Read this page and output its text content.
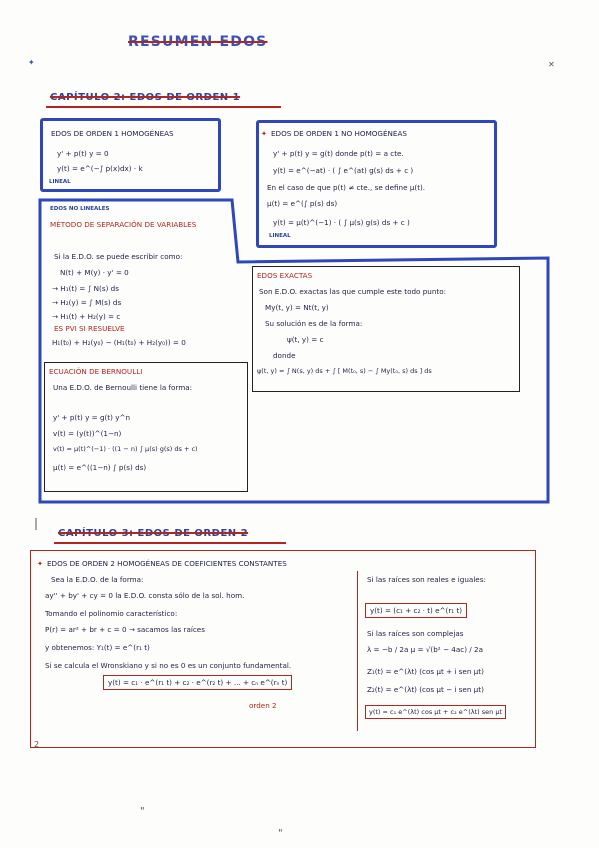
RESUMEN EDOS
✕
✦
CAPÍTULO 2: EDOS DE ORDEN 1
EDOS DE ORDEN 1 HOMOGÉNEAS
y' + p(t) y = 0
y(t) = e^(−∫ p(x)dx) · k
LINEAL
✦ EDOS DE ORDEN 1 NO HOMOGÉNEAS
y' + p(t) y = g(t) donde p(t) = a cte.
y(t) = e^(−at) · ( ∫ e^(at) g(s) ds + c )
En el caso de que p(t) ≠ cte., se define μ(t).
μ(t) = e^(∫ p(s) ds)
y(t) = μ(t)^(−1) · ( ∫ μ(s) g(s) ds + c )
LINEAL
EDOS NO LINEALES
MÉTODO DE SEPARACIÓN DE VARIABLES
Si la E.D.O. se puede escribir como:
N(t) + M(y) · y' = 0
→ H₁(t) = ∫ N(s) ds
→ H₂(y) = ∫ M(s) ds
→ H₁(t) + H₂(y) = c
ES PVI SI RESUELVE
H₁(t₀) + H₂(y₀) − (H₁(t₀) + H₂(y₀)) = 0
EDOS EXACTAS
Son E.D.O. exactas las que cumple este todo punto:
My(t, y) = Nt(t, y)
Su solución es de la forma:
ψ(t, y) = c
donde
ψ(t, y) = ∫ N(s, y) ds + ∫ [ M(t₀, s) − ∫ My(t₀, s) ds ] ds
ECUACIÓN DE BERNOULLI
Una E.D.O. de Bernoulli tiene la forma:
y' + p(t) y = g(t) y^n
v(t) = (y(t))^(1−n)
v(t) = μ(t)^(−1) · ((1 − n) ∫ μ(s) g(s) ds + c)
μ(t) = e^((1−n) ∫ p(s) ds)
CAPÍTULO 3: EDOS DE ORDEN 2
✦ EDOS DE ORDEN 2 HOMOGÉNEAS DE COEFICIENTES CONSTANTES
Sea la E.D.O. de la forma:
ay'' + by' + cy = 0 la E.D.O. consta sólo de la sol. hom.
Tomando el polinomio característico:
P(r) = ar² + br + c = 0 → sacamos las raíces
y obtenemos: Y₁(t) = e^(r₁ t)
Si se calcula el Wronskiano y si no es 0 es un conjunto fundamental.
y(t) = c₁ · e^(r₁ t) + c₂ · e^(r₂ t) + ... + cₙ e^(rₙ t)
orden 2
Si las raíces son reales e iguales:
y(t) = (c₁ + c₂ · t) e^(r₁ t)
Si las raíces son complejas
λ = −b / 2a μ = √(b² − 4ac) / 2a
Z₁(t) = e^(λt) (cos μt + i sen μt)
Z₂(t) = e^(λt) (cos μt − i sen μt)
y(t) = c₁ e^(λt) cos μt + c₂ e^(λt) sen μt
2
"
"
